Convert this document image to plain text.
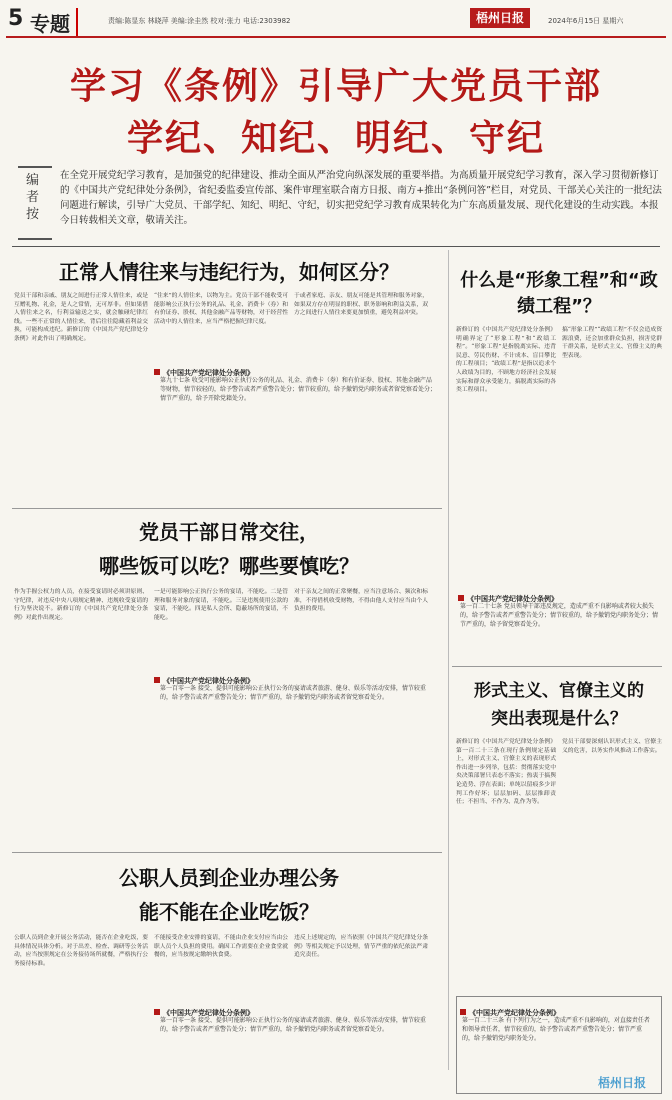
5 专题	责编:陈显东 林晓萍 美编:涂圭然 校对:张力 电话:2303982	梧州日报	2024年6月15日 星期六
学习《条例》引导广大党员干部
学纪、知纪、明纪、守纪
编者按
在全党开展党纪学习教育，是加强党的纪律建设、推动全面从严治党向纵深发展的重要举措。为高质量开展党纪学习教育，深入学习贯彻新修订的《中国共产党纪律处分条例》，省纪委监委宣传部、案件审理室联合南方日报、南方+推出“条例问答”栏目，对党员、干部关心关注的一批纪法问题进行解读，引导广大党员、干部学纪、知纪、明纪、守纪，切实把党纪学习教育成果转化为广东高质量发展、现代化建设的生动实践。本报今日转载相关文章，敬请关注。
正常人情往来与违纪行为，如何区分？
党员干部和亲戚、朋友之间进行正常人情往来，或是互赠礼物、礼金，是人之常情，无可厚非。但如果借人情往来之名，行利益输送之实，就会触碰纪律红线。一些不正常的人情往来，背后往往隐藏着利益交换，可能构成违纪。新修订的《中国共产党纪律处分条例》对此作出了明确规定。
“住来”的人情往来，以物为主。党员干部不能收受可能影响公正执行公务的礼品、礼金、消费卡（券）和有价证券、股权、其他金融产品等财物，对于经营性活动中的人情往来，应当严格把握纪律尺度。
于或者家庭、亲友、朋友可能是其管理和服务对象，如果双方存在明显的职权、职务影响和利益关系，双方之间进行人情往来要更加慎重，避免利益冲突。
《中国共产党纪律处分条例》
第九十七条 收受可能影响公正执行公务的礼品、礼金、消费卡（券）和有价证券、股权、其他金融产品等财物，情节较轻的，给予警告或者严重警告处分；情节较重的，给予撤销党内职务或者留党察看处分；情节严重的，给予开除党籍处分。
什么是“形象工程”和“政绩工程”？
新修订的《中国共产党纪律处分条例》明确界定了“形象工程”和“政绩工程”。“形象工程”是指脱离实际、违背民意、劳民伤财、不计成本、盲目攀比的工程项目；“政绩工程”是指以追求个人政绩为目的，不顾地方经济社会发展实际和群众承受能力，搞脱离实际的各类工程项目。
搞“形象工程”“政绩工程”不仅会造成资源浪费，还会加重群众负担，损害党群干群关系，是形式主义、官僚主义的典型表现。
《中国共产党纪律处分条例》
第一百二十七条 党员领导干部违反规定，造成严重不良影响或者较大损失的，给予警告或者严重警告处分；情节较重的，给予撤销党内职务处分；情节严重的，给予留党察看处分。
党员干部日常交往，
哪些饭可以吃？哪些要慎吃？
作为手握公权力的人员，在接受宴请时必须讲原则、守纪律，对违反中央八项规定精神、违规收受宴请的行为坚决说不。新修订的《中国共产党纪律处分条例》对此作出规定。
一是可能影响公正执行公务的宴请，不能吃。二是管理和服务对象的宴请，不能吃。三是违规使用公款的宴请，不能吃。四是私人会所、隐蔽场所的宴请，不能吃。
对于亲友之间的正常聚餐，应当注意场合、频次和标准，不得借机收受财物，不得由他人支付应当由个人负担的费用。
《中国共产党纪律处分条例》
第一百零一条 接受、提供可能影响公正执行公务的宴请或者旅游、健身、娱乐等活动安排，情节较重的，给予警告或者严重警告处分；情节严重的，给予撤销党内职务或者留党察看处分。	形式主义、官僚主义的
突出表现是什么？
新修订的《中国共产党纪律处分条例》第一百二十三条在现行条例规定基础上，对形式主义、官僚主义的表现形式作出进一步列举，包括：贯彻落实党中央决策部署只表态不落实；热衷于搞舆论造势、浮在表面；单纯以留痕多少评判工作好坏；层层加码、层层推卸责任；不担当、不作为、乱作为等。
党员干部要深刻认识形式主义、官僚主义的危害，以务实作风推动工作落实。
《中国共产党纪律处分条例》
第一百二十三条 有下列行为之一，造成严重不良影响的，对直接责任者和领导责任者，情节较重的，给予警告或者严重警告处分；情节严重的，给予撤销党内职务处分。
公职人员到企业办理公务
能不能在企业吃饭？
公职人员到企业开展公务活动，能否在企业吃饭，要具体情况具体分析。对于出差、检查、调研等公务活动，应当按照规定在公务接待场所就餐，严格执行公务接待标准。
不能接受企业安排的宴请，不能由企业支付应当由公职人员个人负担的费用。确因工作需要在企业食堂就餐的，应当按规定缴纳伙食费。
违反上述规定的，应当依照《中国共产党纪律处分条例》等相关规定予以处理，情节严重的依纪依法严肃追究责任。
《中国共产党纪律处分条例》
第一百零一条 接受、提供可能影响公正执行公务的宴请或者旅游、健身、娱乐等活动安排，情节较重的，给予警告或者严重警告处分；情节严重的，给予撤销党内职务或者留党察看处分。
梧州日报
